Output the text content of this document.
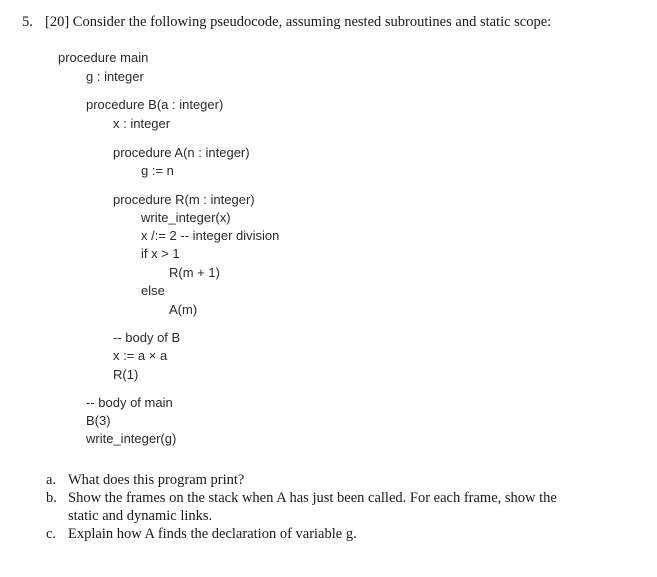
5. [20] Consider the following pseudocode, assuming nested subroutines and static scope:
procedure main
g : integer
procedure B(a : integer)
x : integer
procedure A(n : integer)
g := n
procedure R(m : integer)
write_integer(x)
x /:= 2 -- integer division
if x > 1
R(m + 1)
else
A(m)
-- body of B
x := a × a
R(1)
-- body of main
B(3)
write_integer(g)
a. What does this program print?
b. Show the frames on the stack when A has just been called. For each frame, show the
static and dynamic links.
c. Explain how A finds the declaration of variable g.
